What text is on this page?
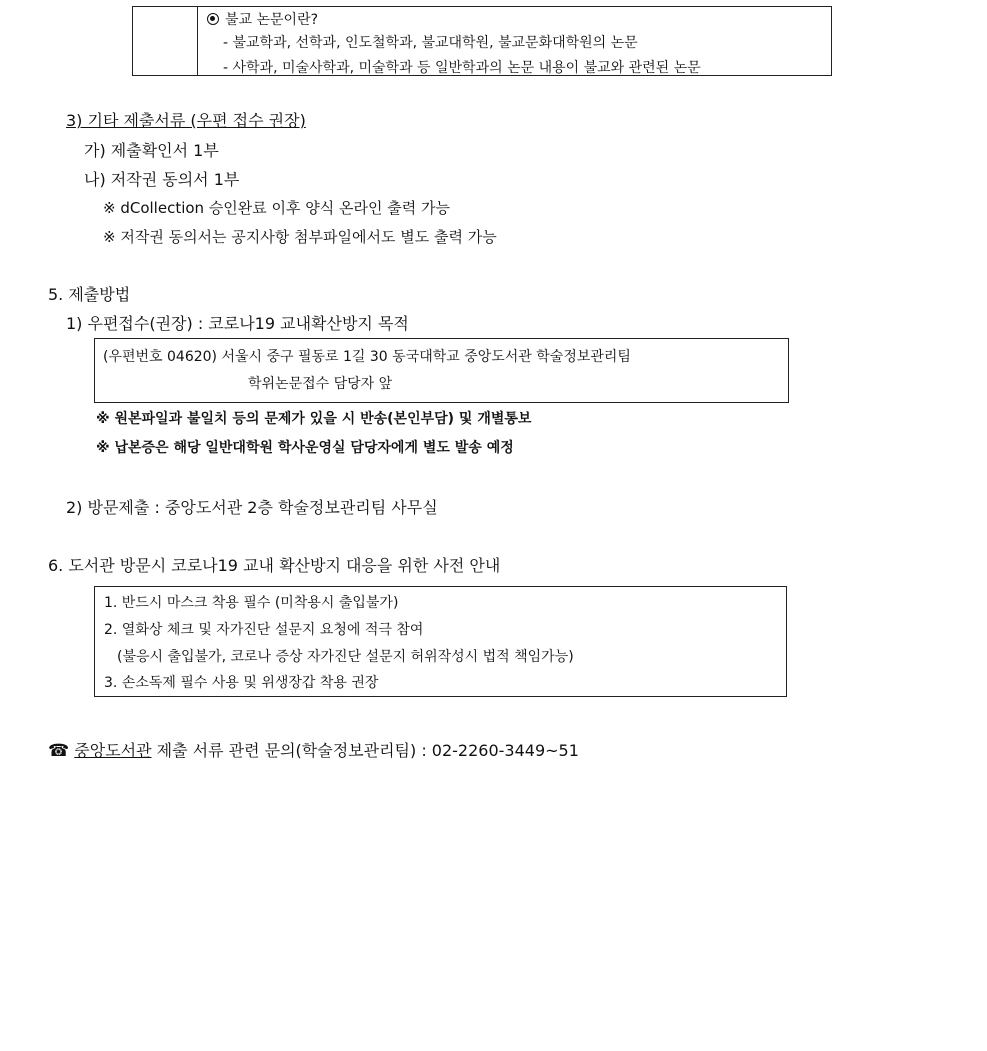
불교 논문이란?
- 불교학과, 선학과, 인도철학과, 불교대학원, 불교문화대학원의 논문
- 사학과, 미술사학과, 미술학과 등 일반학과의 논문 내용이 불교와 관련된 논문
3) 기타 제출서류 (우편 접수 권장)
가) 제출확인서 1부
나) 저작권 동의서 1부
※ dCollection 승인완료 이후 양식 온라인 출력 가능
※ 저작권 동의서는 공지사항 첨부파일에서도 별도 출력 가능
5. 제출방법
1) 우편접수(권장) : 코로나19 교내확산방지 목적
(우편번호 04620) 서울시 중구 필동로 1길 30 동국대학교 중앙도서관 학술정보관리팀
학위논문접수 담당자 앞
※ 원본파일과 불일치 등의 문제가 있을 시 반송(본인부담) 및 개별통보
※ 납본증은 해당 일반대학원 학사운영실 담당자에게 별도 발송 예정
2) 방문제출 : 중앙도서관 2층 학술정보관리팀 사무실
6. 도서관 방문시 코로나19 교내 확산방지 대응을 위한 사전 안내
1. 반드시 마스크 착용 필수 (미착용시 출입불가)
2. 열화상 체크 및 자가진단 설문지 요청에 적극 참여
(불응시 출입불가, 코로나 증상 자가진단 설문지 허위작성시 법적 책임가능)
3. 손소독제 필수 사용 및 위생장갑 착용 권장
☎ 중앙도서관 제출 서류 관련 문의(학술정보관리팀) : 02-2260-3449~51
